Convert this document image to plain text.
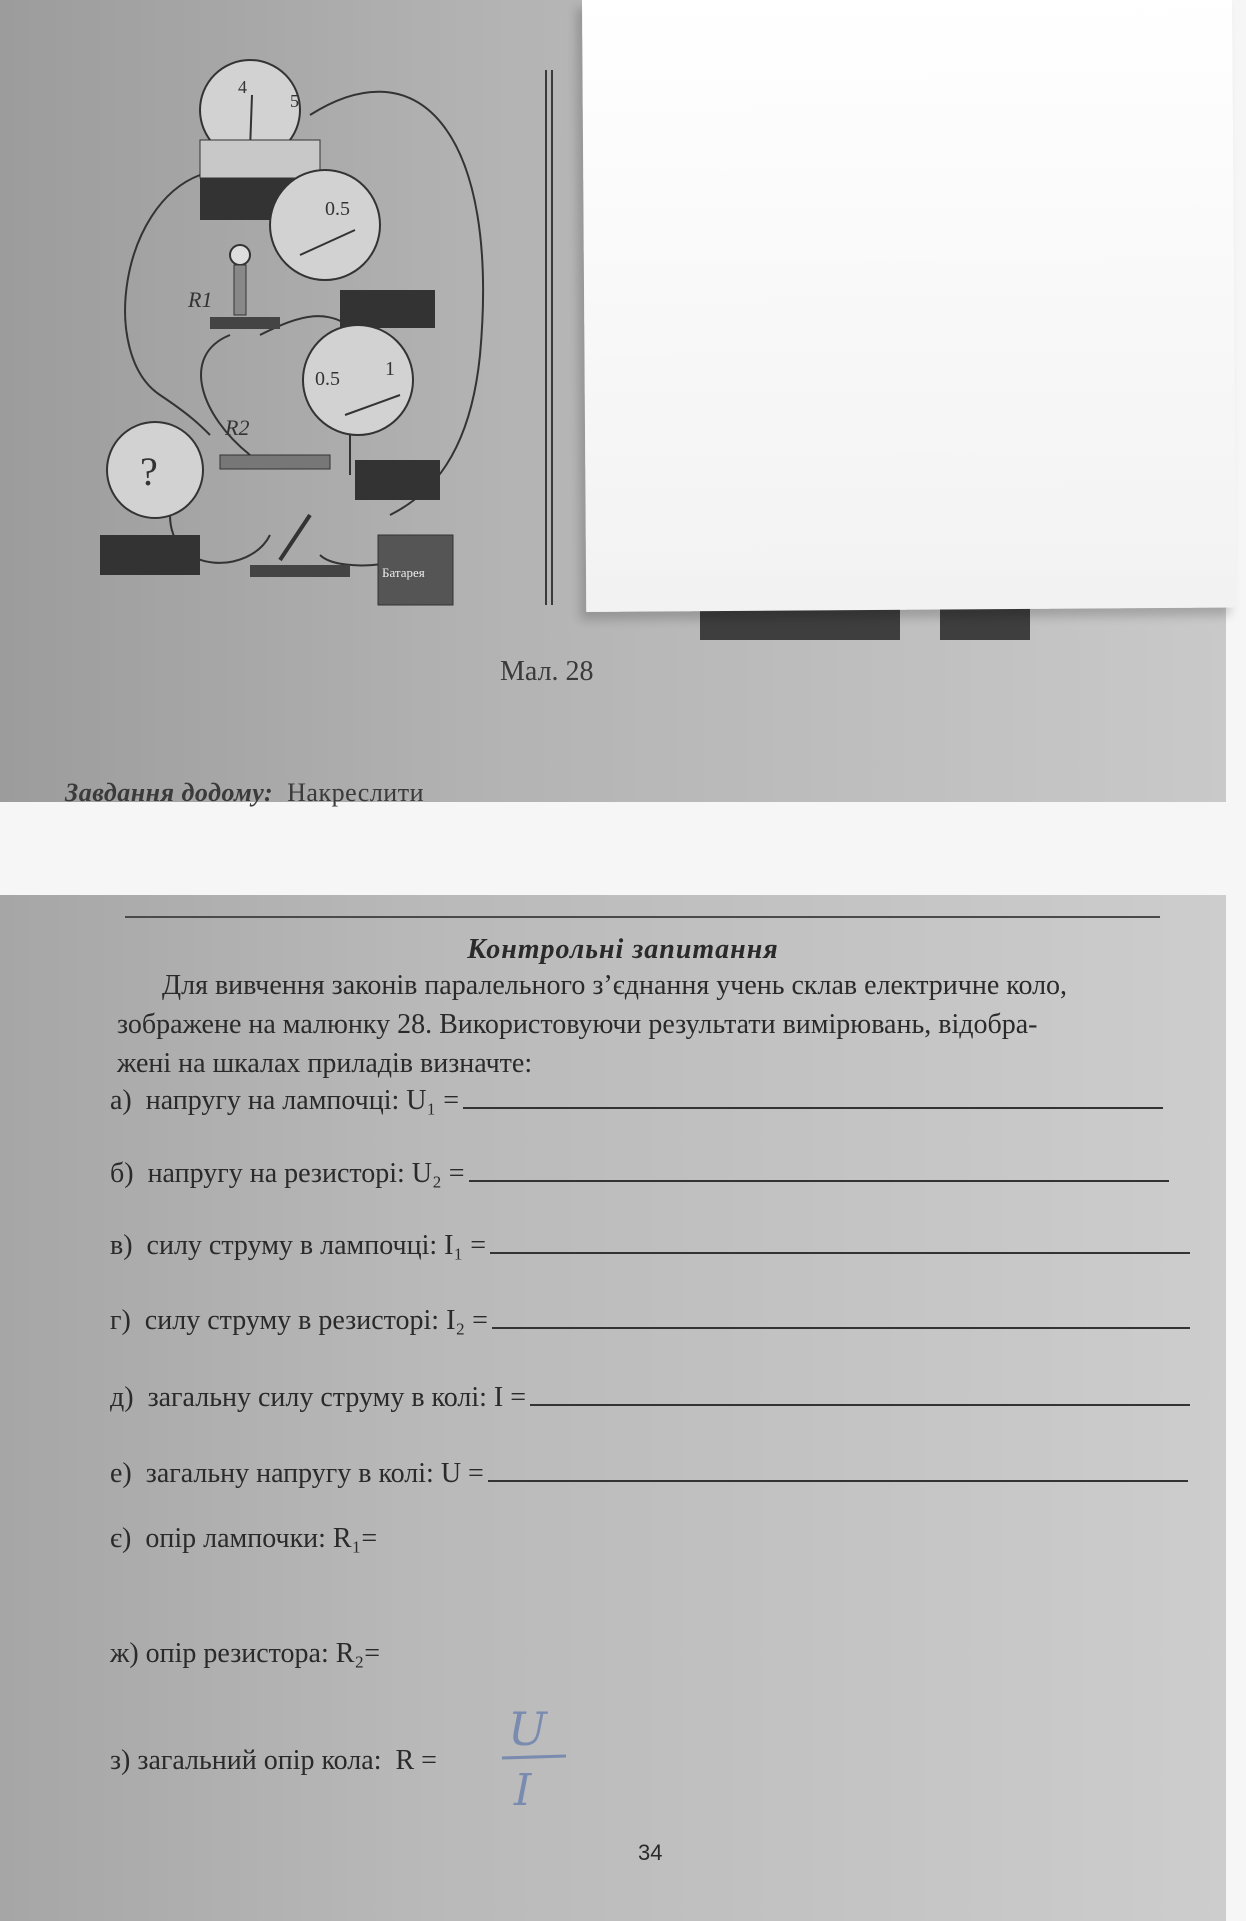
4
5
0.5
R1
0.5 1
R2
?
Батарея
Мал. 28
Завдання додому: Накреслити
Контрольні запитання

Для вивчення законів паралельного з’єднання учень склав електричне коло,

зображене на малюнку 28. Використовуючи результати вимірювань, відобра-

жені на шкалах приладів визначте:

а)  напругу на лампочці: U₁ =
б)  напругу на резисторі: U₂ =
в)  силу струму в лампочці: I₁ =
г)  силу струму в резисторі: I₂ =
д)  загальну силу струму в колі: I =
е)  загальну напругу в колі: U =
є)  опір лампочки: R₁=
ж) опір резистора: R₂=
з) загальний опір кола:  R =
U
I
34
